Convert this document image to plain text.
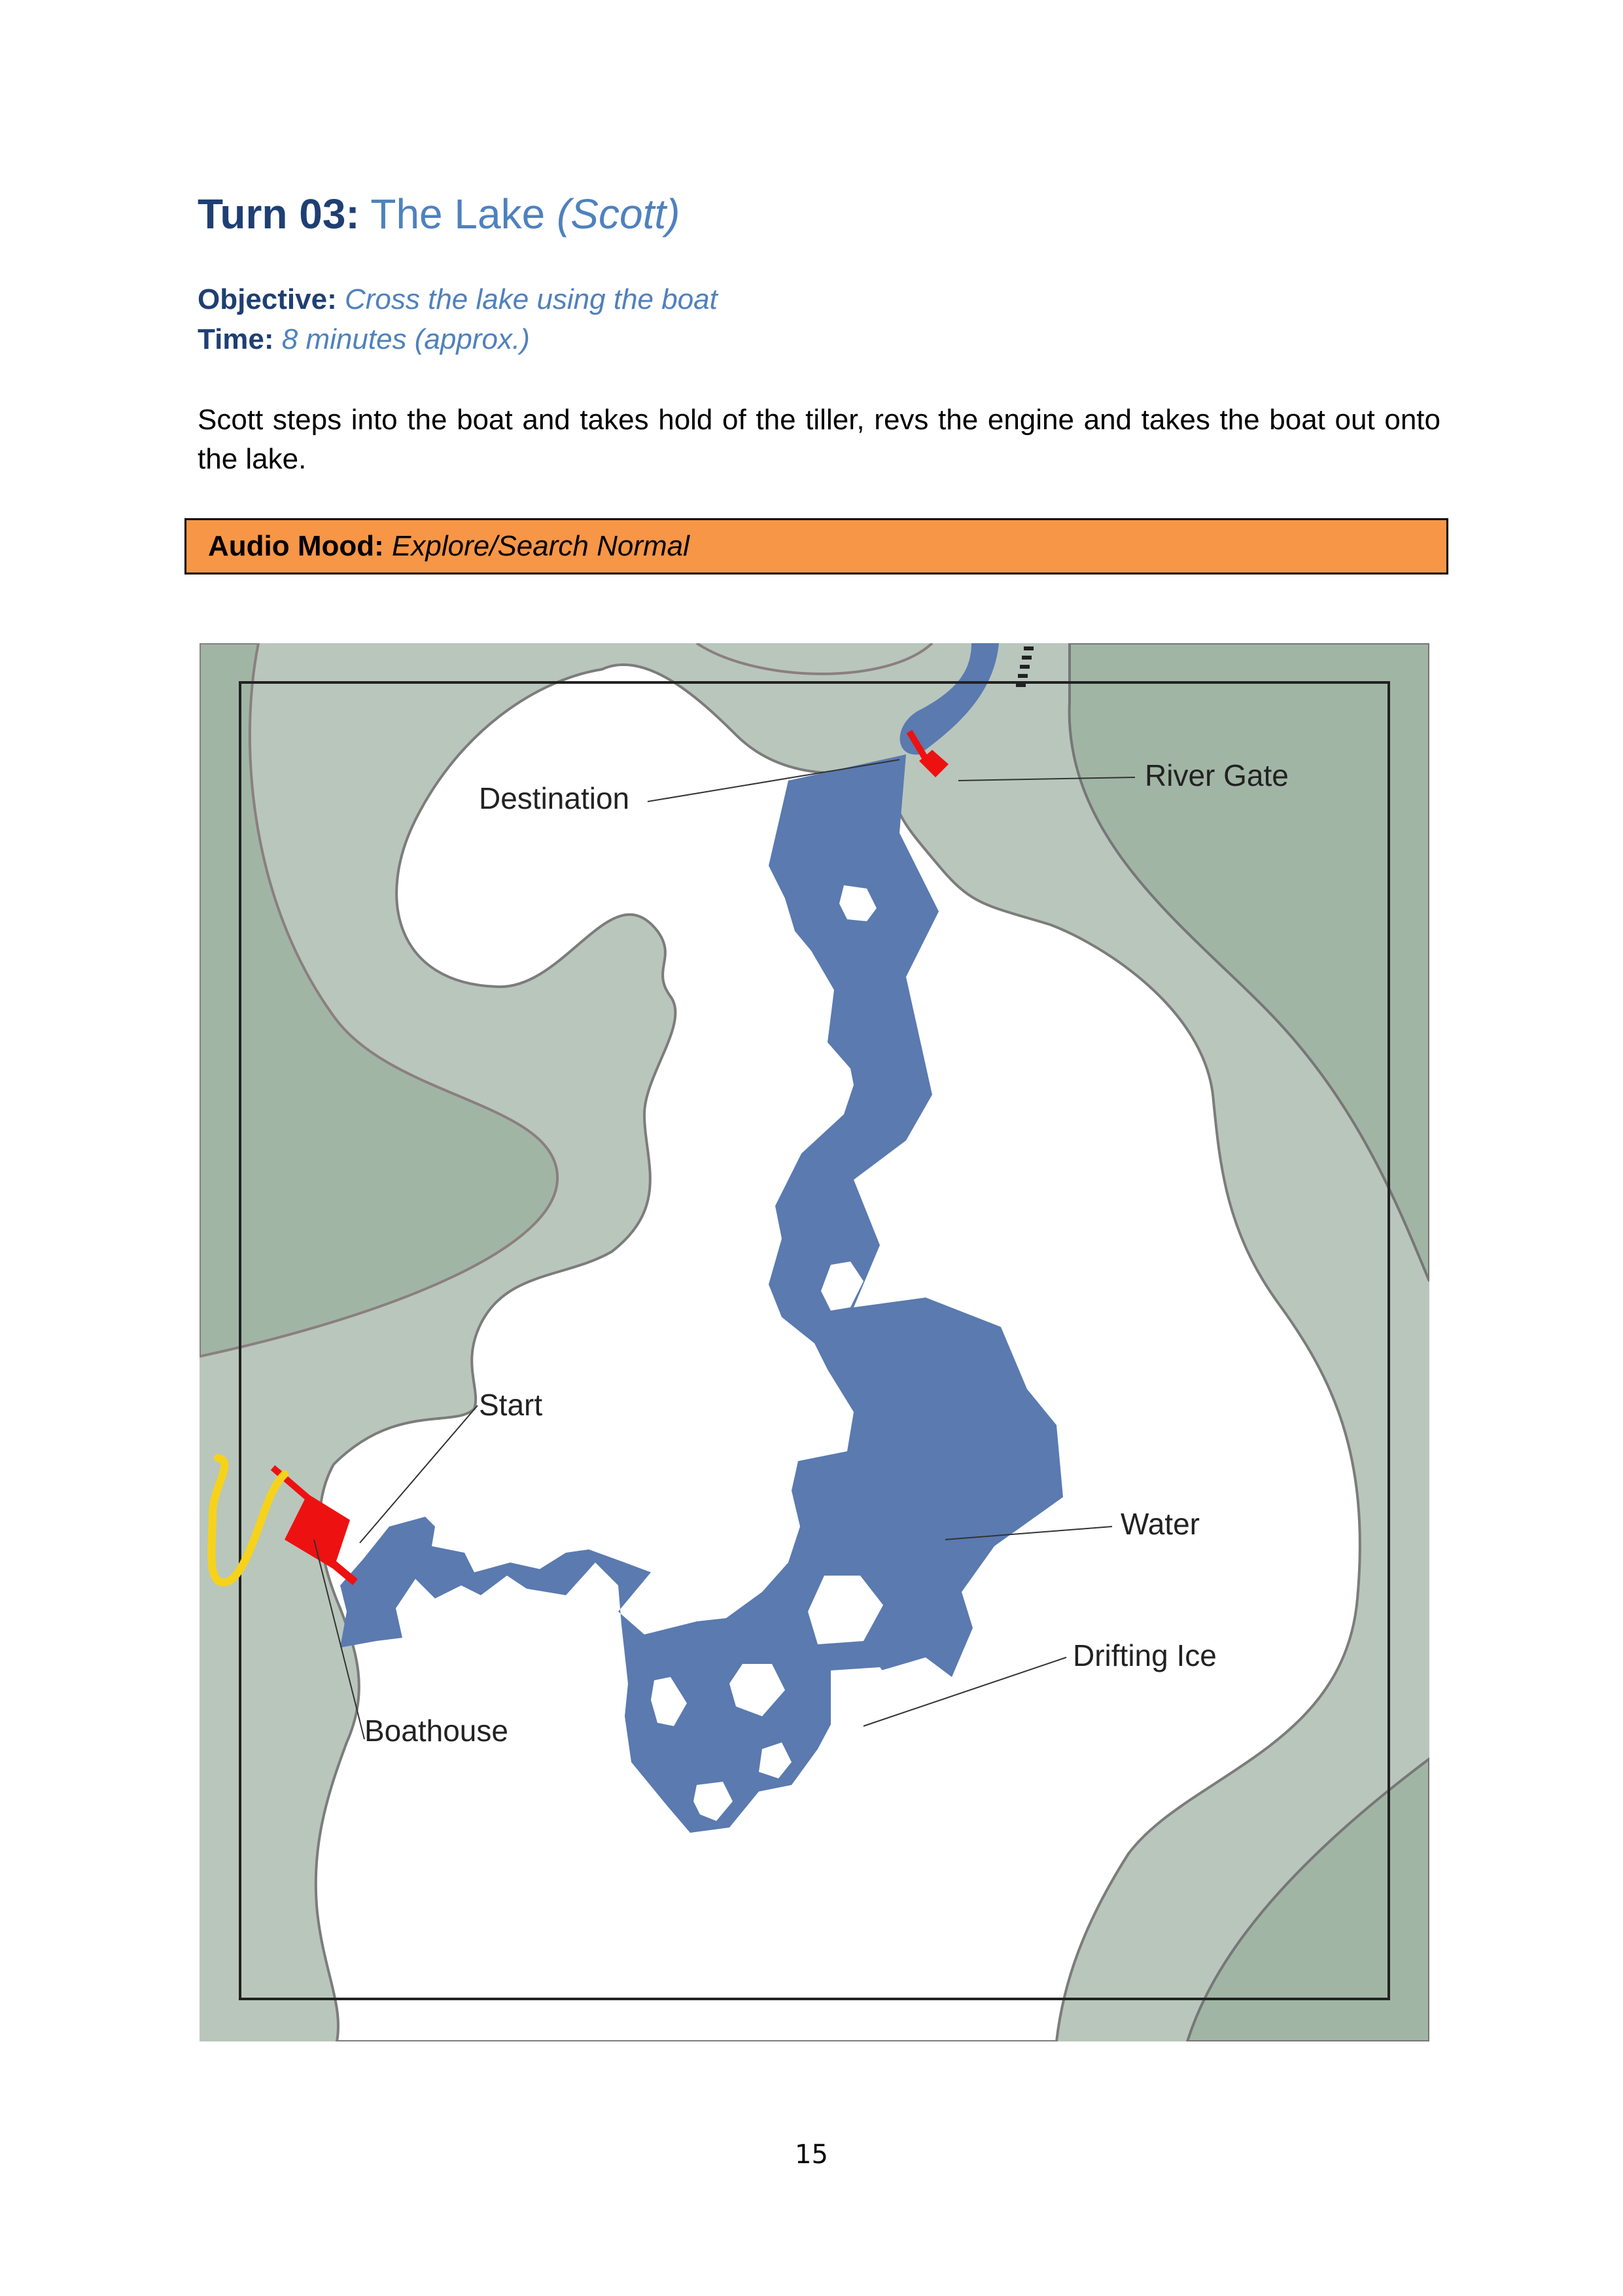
Turn 03: The Lake (Scott)
Objective: Cross the lake using the boat
Time: 8 minutes (approx.)
Scott steps into the boat and takes hold of the tiller, revs the engine and takes the boat out onto the lake.
Audio Mood: Explore/Search Normal
Destination
River Gate
Start
Water
Drifting Ice
Boathouse
15
